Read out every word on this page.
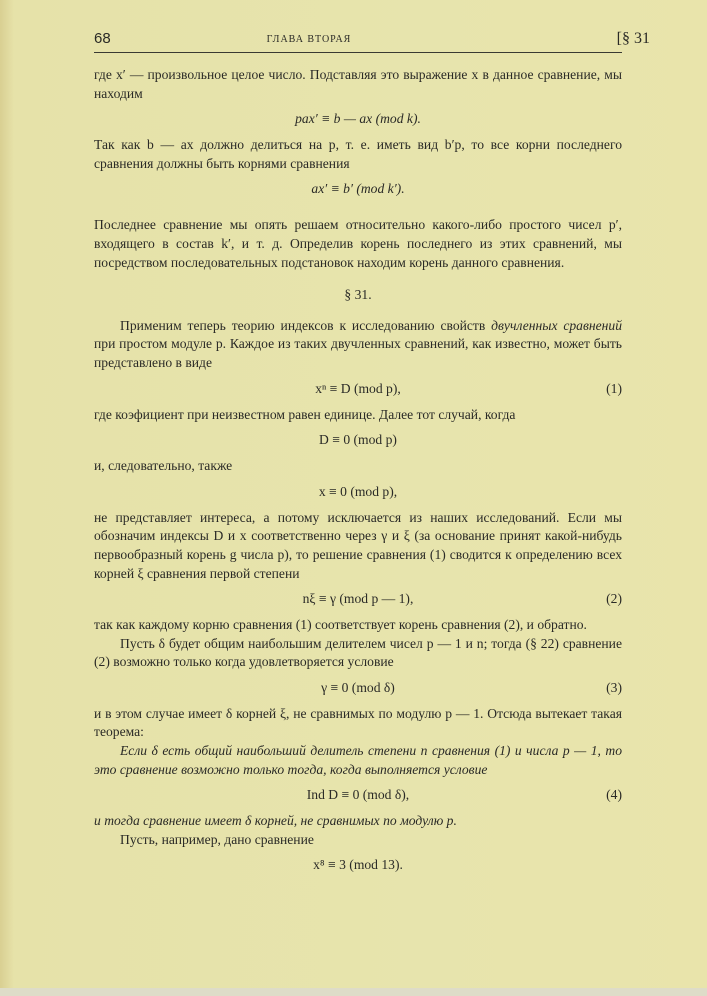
68	ГЛАВА ВТОРАЯ	[§ 31

где x′ — произвольное целое число. Подставляя это выражение x в данное сравнение, мы находим

pax′ ≡ b — ax (mod k).

Так как b — ax должно делиться на p, т. е. иметь вид b′p, то все корни последнего сравнения должны быть корнями сравнения

ax′ ≡ b′ (mod k′).

Последнее сравнение мы опять решаем относительно какого-либо простого чисел p′, входящего в состав k′, и т. д. Определив корень последнего из этих сравнений, мы посредством последовательных подстановок находим корень данного сравнения.

§ 31.

Применим теперь теорию индексов к исследованию свойств двучленных сравнений при простом модуле p. Каждое из таких двучленных сравнений, как известно, может быть представлено в виде

xⁿ ≡ D (mod p),	(1)

где коэфициент при неизвестном равен единице. Далее тот случай, когда

D ≡ 0 (mod p)

и, следовательно, также

x ≡ 0 (mod p),

не представляет интереса, а потому исключается из наших исследований. Если мы обозначим индексы D и x соответственно через γ и ξ (за основание принят какой-нибудь первообразный корень g числа p), то решение сравнения (1) сводится к определению всех корней ξ сравнения первой степени

nξ ≡ γ (mod p — 1),	(2)

так как каждому корню сравнения (1) соответствует корень сравнения (2), и обратно.

Пусть δ будет общим наибольшим делителем чисел p — 1 и n; тогда (§ 22) сравнение (2) возможно только когда удовлетворяется условие

γ ≡ 0 (mod δ)	(3)

и в этом случае имеет δ корней ξ, не сравнимых по модулю p — 1. Отсюда вытекает такая теорема:

Если δ есть общий наибольший делитель степени n сравнения (1) и числа p — 1, то это сравнение возможно только тогда, когда выполняется условие

Ind D ≡ 0 (mod δ),	(4)

и тогда сравнение имеет δ корней, не сравнимых по модулю p.

Пусть, например, дано сравнение

x⁸ ≡ 3 (mod 13).
